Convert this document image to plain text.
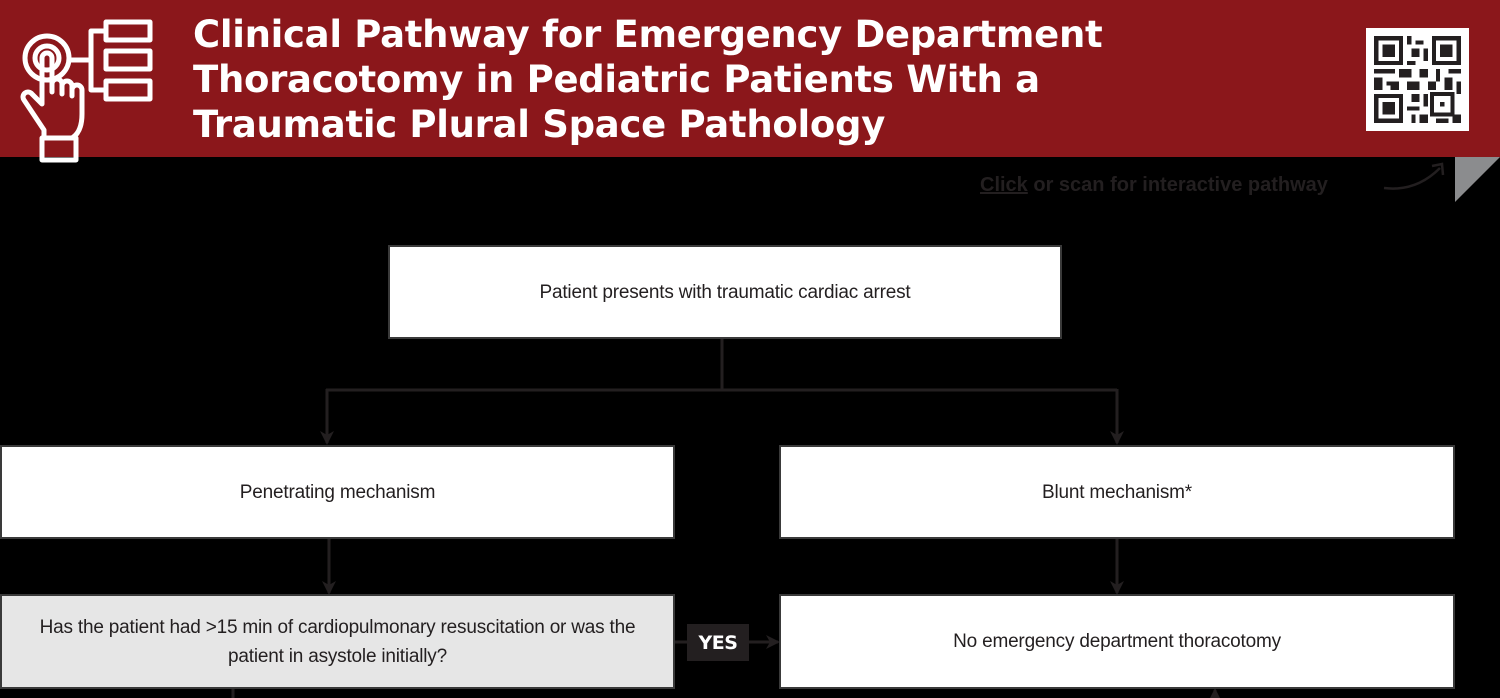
Clinical Pathway for Emergency Department
Thoracotomy in Pediatric Patients With a
Traumatic Plural Space Pathology
Click or scan for interactive pathway
Patient presents with traumatic cardiac arrest
Penetrating mechanism	Blunt mechanism*
Has the patient had >15 min of cardiopulmonary resuscitation or was the patient in asystole initially?
YES	No emergency department thoracotomy
